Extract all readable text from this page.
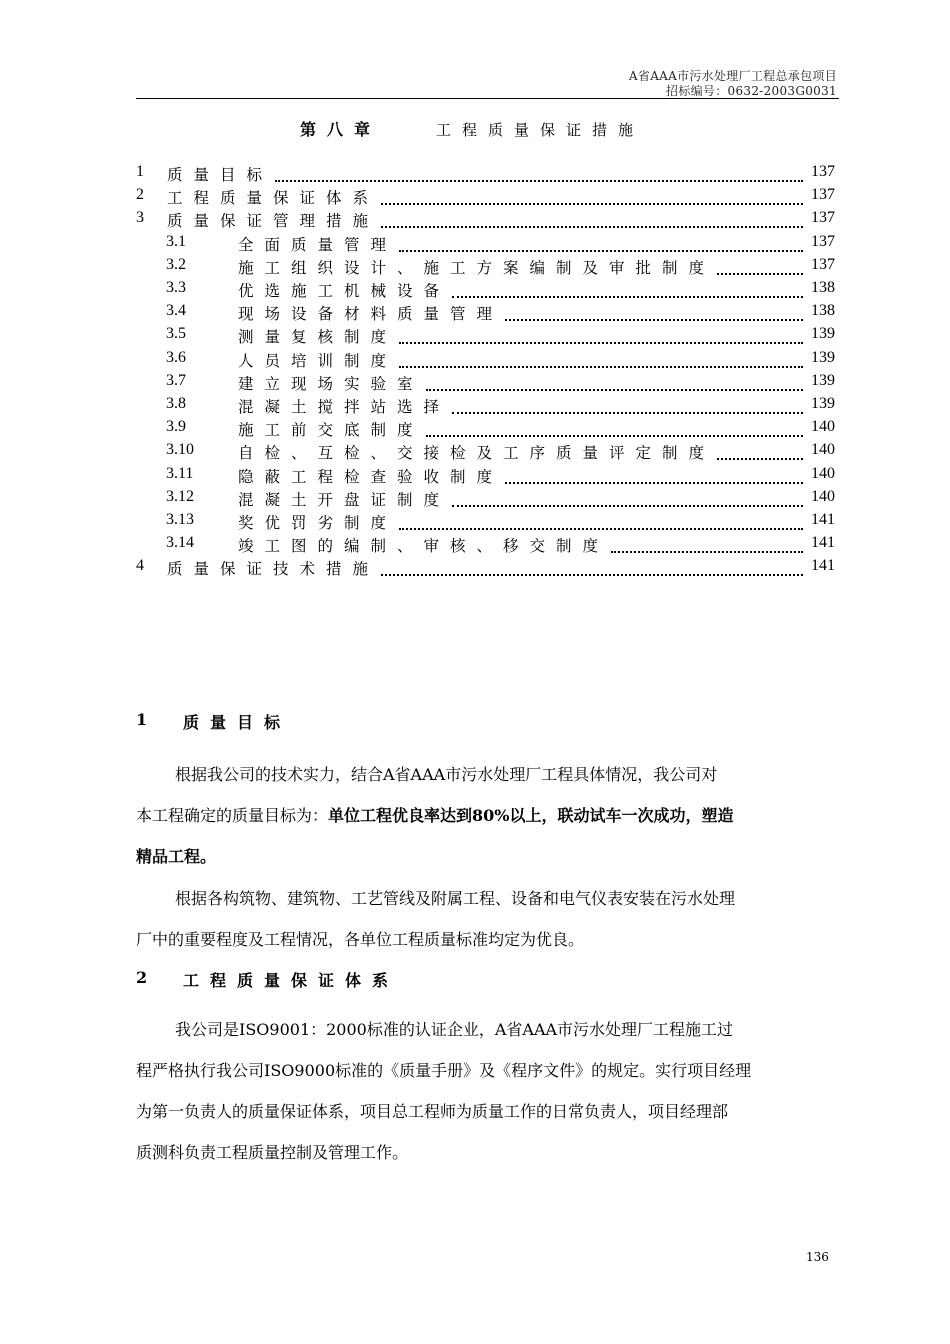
A省AAA市污水处理厂工程总承包项目
招标编号：0632-2003G0031
第八章	工程质量保证措施
1 质量目标	137
2 工程质量保证体系	137
3 质量保证管理措施	137
3.1	全面质量管理	137
3.2	施工组织设计、施工方案编制及审批制度	137
3.3	优选施工机械设备	138
3.4	现场设备材料质量管理	138
3.5	测量复核制度	139
3.6	人员培训制度	139
3.7	建立现场实验室	139
3.8	混凝土搅拌站选择	139
3.9	施工前交底制度	140
3.10	自检、互检、交接检及工序质量评定制度	140
3.11	隐蔽工程检查验收制度	140
3.12	混凝土开盘证制度	140
3.13	奖优罚劣制度	141
3.14	竣工图的编制、审核、移交制度	141
4 质量保证技术措施	141
1 质量目标
根据我公司的技术实力，结合A省AAA市污水处理厂工程具体情况，我公司对
本工程确定的质量目标为：单位工程优良率达到80%以上，联动试车一次成功，塑造
精品工程。
根据各构筑物、建筑物、工艺管线及附属工程、设备和电气仪表安装在污水处理
厂中的重要程度及工程情况，各单位工程质量标准均定为优良。
2 工程质量保证体系
我公司是ISO9001：2000标准的认证企业，A省AAA市污水处理厂工程施工过
程严格执行我公司ISO9000标准的《质量手册》及《程序文件》的规定。实行项目经理
为第一负责人的质量保证体系，项目总工程师为质量工作的日常负责人，项目经理部
质测科负责工程质量控制及管理工作。
136
